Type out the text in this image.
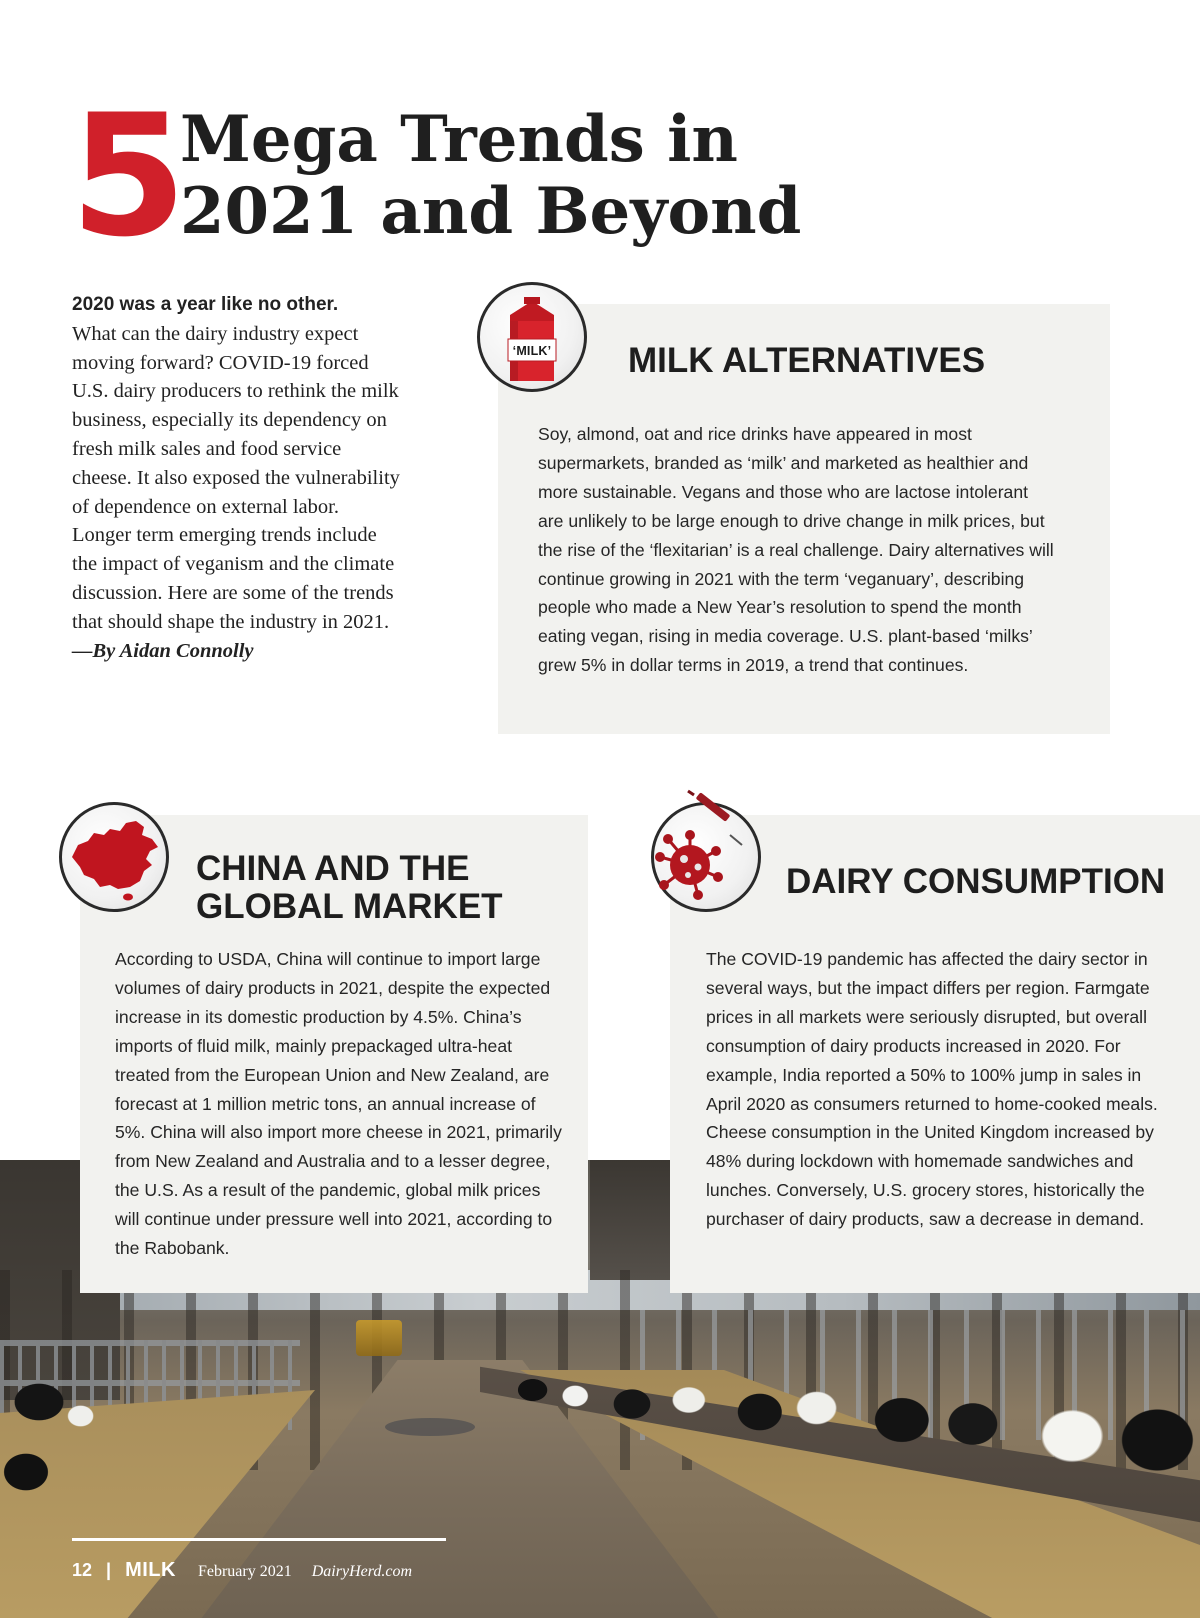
5 Mega Trends in
2021 and Beyond
2020 was a year like no other.
What can the dairy industry expect moving forward? COVID-19 forced U.S. dairy producers to rethink the milk business, especially its dependency on fresh milk sales and food service cheese. It also exposed the vulnerability of dependence on external labor. Longer term emerging trends include the impact of veganism and the climate discussion. Here are some of the trends that should shape the industry in 2021. —By Aidan Connolly
MILK ALTERNATIVES

Soy, almond, oat and rice drinks have appeared in most supermarkets, branded as ‘milk’ and marketed as healthier and more sustainable. Vegans and those who are lactose intolerant are unlikely to be large enough to drive change in milk prices, but the rise of the ‘flexitarian’ is a real challenge. Dairy alternatives will continue growing in 2021 with the term ‘veganuary’, describing people who made a New Year’s resolution to spend the month eating vegan, rising in media coverage. U.S. plant-based ‘milks’ grew 5% in dollar terms in 2019, a trend that continues.

CHINA AND THE
GLOBAL MARKET

According to USDA, China will continue to import large volumes of dairy products in 2021, despite the expected increase in its domestic production by 4.5%. China’s imports of fluid milk, mainly prepackaged ultra-heat treated from the European Union and New Zealand, are forecast at 1 million metric tons, an annual increase of 5%. China will also import more cheese in 2021, primarily from New Zealand and Australia and to a lesser degree, the U.S. As a result of the pandemic, global milk prices will continue under pressure well into 2021, according to the Rabobank.

DAIRY CONSUMPTION

The COVID-19 pandemic has affected the dairy sector in several ways, but the impact differs per region. Farmgate prices in all markets were seriously disrupted, but overall consumption of dairy products increased in 2020. For example, India reported a 50% to 100% jump in sales in April 2020 as consumers returned to home-cooked meals. Cheese consumption in the United Kingdom increased by 48% during lockdown with homemade sandwiches and lunches. Conversely, U.S. grocery stores, historically the purchaser of dairy products, saw a decrease in demand.

‘MILK’
12 | MILK February 2021 DairyHerd.com
